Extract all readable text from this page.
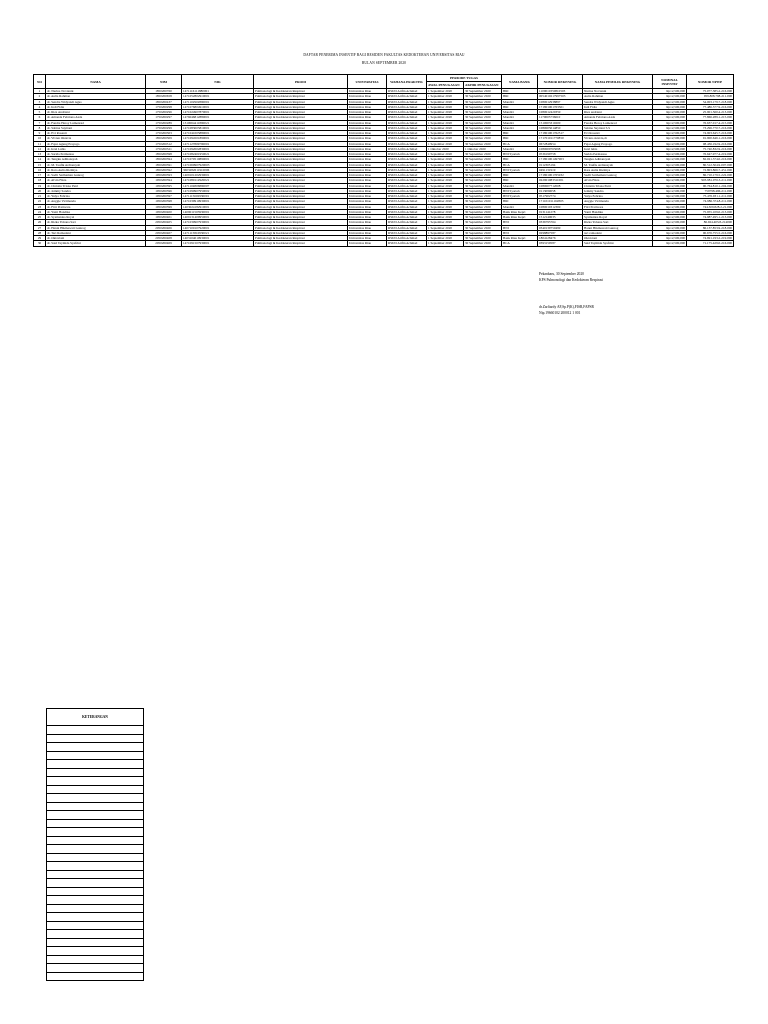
DAFTAR PENERIMA INSENTIF BAGI RESIDEN FAKULTAS KEDOKTERAN UNIVERSITAS RIAU
BULAN SEPTEMBER 2020
NO	NAMA	NIM	NIK	PRODI	UNIVERSITAS	WAHANA PRAKTEK	PERIODE TUGAS		NAMA BANK	NOMOR REKENING	NAMA PEMILIK REKENING	NOMINAL INSENTIF	NOMOR NPWP
							AWAL PENUGASAN	AKHIR PENUGASAN					
1	dr. Nurina Novianni	1850200760	1471116111880001	Pulmonologi & Kedokteran Respirasi	Universitas Riau	RSUD Arifin Achmad	1 September 2020	30 September 2020	BRI	1109010350810503	Nurina Novianni	Rp12,500,000	75.077.385.2-216.000
2	dr. Aulia Rahman	1850200658	1471052802910001	Pulmonologi & Kedokteran Respirasi	Universitas Riau	RSUD Arifin Achmad	1 September 2020	30 September 2020	BRI	0054010217997503	Aulia Rahman	Rp12,500,000	959.808.798-211.000
3	dr. Sendra Widyandi Agus	1850200437	1471102902890001	Pulmonologi & Kedokteran Respirasi	Universitas Riau	RSUD Arifin Achmad	1 September 2020	30 September 2020	Mandiri	1080012938897	Sendra Widyandi Agus	Rp12,500,000	54.003.179.7-218.000
4	dr. Indi Fidia	1750200298	1471076804910001	Pulmonologi & Kedokteran Respirasi	Universitas Riau	RSUD Arifin Achmad	1 September 2020	30 September 2020	BRI	171801001763501	Indi Fidia	Rp12,500,000	77.486.377.9-216.000
5	dr. Riza Andriani	1750200296	1471024907870001	Pulmonologi & Kedokteran Respirasi	Universitas Riau	RSUD Arifin Achmad	1 September 2020	30 September 2020	Mandiri	1080012420359	Riza andriani	Rp12,500,000	25.901.560.4-213.000
6	dr. Amanda Febriana Azda	1750200297	1476046812880001	Pulmonologi & Kedokteran Respirasi	Universitas Riau	RSUD Arifin Achmad	1 September 2020	30 September 2020	Mandiri	1170005736610	Amanda Febriana Azda	Rp12,500,000	77.866.289.1-215.000
7	dr. Fandra Heroy Lumenrad	1750200289	1310064411890021	Pulmonologi & Kedokteran Respirasi	Universitas Riau	RSUD Arifin Achmad	1 September 2020	30 September 2020	Mandiri	1510003310200	Fandra Heroy Lumenrad	Rp12,500,000	76.637.017.4-215.000
8	dr. Sabina Suyitani	1750200299	1471083005810001	Pulmonologi & Kedokteran Respirasi	Universitas Riau	RSUD Arifin Achmad	1 September 2020	30 September 2020	Mandiri	1080005014850	Sabina Suyitani S.S	Rp12,500,000	73.296.770.7-216.000
9	dr. Evi Rosanti	1750200303	1471041005880001	Pulmonologi & Kedokteran Respirasi	Universitas Riau	RSUD Arifin Achmad	1 September 2020	30 September 2020	BRI	171801001762517	Evi Rosanti	Rp12,500,000	74.903.645.7-216.000
10	dr. Vivien Oktavia	1850200309	1471094501890001	Pulmonologi & Kedokteran Respirasi	Universitas Riau	RSUD Arifin Achmad	1 September 2020	30 September 2020	BRI	171701011770850	Vivien oktavia,dr	Rp12,500,000	91.900.646.1-216.000
11	dr. Fajar Agung Prayogo	1750200312	1471127809790001	Pulmonologi & Kedokteran Respirasi	Universitas Riau	RSUD Arifin Achmad	1 September 2020	30 September 2020	BCA	0672849954	Fajar Agung Prayogo	Rp12,500,000	08.436.192.9-216.000
12	dr. Irzal Lubis	1750200321	1471092002830001	Pulmonologi & Kedokteran Respirasi	Universitas Riau	RSUD Arifin Achmad	1 Oktober 2020	1 Oktober 2020	Mandiri	1080009765098	Irzal lubis	Rp12,500,000	75.740.832.9-216.000
13	dr. Sarida Permatasa	1850200398	1471082401950021	Pulmonologi & Kedokteran Respirasi	Universitas Riau	RSUD Arifin Achmad	1 September 2020	30 September 2020	BNI Syariah	0536199758	Sarida Permatasa	Rp12,500,000	76.647.977.4-219.000
14	dr. Tengku Adhiansyah	1850200394	1471070510890001	Pulmonologi & Kedokteran Respirasi	Universitas Riau	RSUD Arifin Achmad	1 September 2020	30 September 2020	BRI	171801001497903	Tengku Adhiansyah	Rp12,500,000	82.021.374.0-216.000
15	dr. M. Taufik Ardiansyah	1850200391	1471060907920003	Pulmonologi & Kedokteran Respirasi	Universitas Riau	RSUD Arifin Achmad	1 September 2020	30 September 2020	BCA	0112305194	M. Taufik Ardiansyah	Rp12,500,000	80.512.504.9-007.000
16	dr. Rara Aulia Rizmiya	1850200392	3603282611910006	Pulmonologi & Kedokteran Respirasi	Universitas Riau	RSUD Arifin Achmad	1 September 2020	30 September 2020	BNI Syariah	0491131919	Rara Aulia Rizmiya	Rp12,500,000	72.803.866.7-451.000
17	dr. Sadli Sarihaman Gunrog	1950200393	1409101202930001	Pulmonologi & Kedokteran Respirasi	Universitas Riau	RSUD Arifin Achmad	1 September 2020	30 September 2020	BRI	171801001765932	Sadli Sarihaman Gunrog	Rp12,500,000	86.710.179.5-222.000
18	dr. Alvin Fikra	1950200394	1471080112920021	Pulmonologi & Kedokteran Respirasi	Universitas Riau	RSUD Arifin Achmad	1 September 2020	30 September 2020	BRI	022901083311001	Alvin Fikra	Rp12,500,000	903.981.076.3-211.000
19	dr. Christin Trisna Putri	1950200395	1471104806890007	Pulmonologi & Kedokteran Respirasi	Universitas Riau	RSUD Arifin Achmad	1 September 2020	30 September 2020	Mandiri	1080007712008	Christin Trisna Putri	Rp12,500,000	90.764.810.1-204.000
20	dr. Jemmy Sandra	1950200396	1471090907950002	Pulmonologi & Kedokteran Respirasi	Universitas Riau	RSUD Arifin Achmad	1 September 2020	30 September 2020	BNI Syariah	0113099658	Jemmy Sandra	Rp12,500,000	759798.496-211.000
21	dr. Yulya Febrina	1950200397	1471115602930001	Pulmonologi & Kedokteran Respirasi	Universitas Riau	RSUD Arifin Achmad	1 September 2020	30 September 2020	BNI Syariah	0517902774	Yulya Febrina	Rp12,500,000	75.476.931.1-211.000
22	dr. Anggie Vicimanda	1950200398	1471039910930001	Pulmonologi & Kedokteran Respirasi	Universitas Riau	RSUD Arifin Achmad	1 September 2020	30 September 2020	BRI	171101011162803	Anggie Vicimanda	Rp12,500,000	74.986.374.8-211.000
23	dr. Fitri Pratiwara	1950200399	1403024182910001	Pulmonologi & Kedokteran Respirasi	Universitas Riau	RSUD Arifin Achmad	1 September 2020	30 September 2020	Mandiri	1080010312369	Fitri Pratiwara	Rp12,500,000	744.309.828.2-21.000
24	dr. Yanti Handika	1950200400	1409011503930001	Pulmonologi & Kedokteran Respirasi	Universitas Riau	RSUD Arifin Achmad	1 September 2020	30 September 2020	Bank Riau Kepri	0131141278	Yanti Handika	Rp12,500,000	75.955.109.0-213.000
25	dr. Syamsidea Royal	1950200401	1409131409950001	Pulmonologi & Kedokteran Respirasi	Universitas Riau	RSUD Arifin Achmad	1 September 2020	30 September 2020	Bank Riau Kepri	1512140635	Syamsidea Royal	Rp12,500,000	74.987.495.1-213.000
26	dr. Rizka Yohana Sari	2050200405	1471030907930001	Pulmonologi & Kedokteran Respirasi	Universitas Riau	RSUD Arifin Achmad	1 September 2020	30 September 2020	BNI	0336795764	Rizka Yohana Sari	Rp12,500,000	86.924.403.8-214000
27	dr. Hanni Hikmawati Gunrog	2050200406	1407100107920001	Pulmonologi & Kedokteran Respirasi	Universitas Riau	RSUD Arifin Achmad	1 September 2020	30 September 2020	BNI	0340139750499	Hanni Hikmawati Gunrog	Rp12,500,000	86.137.853.9-218.000
28	dr. Tari Ramadani	2050200407	1471115810930021	Pulmonologi & Kedokteran Respirasi	Universitas Riau	RSUD Arifin Achmad	1 September 2020	30 September 2020	BNI	0298897587	tari ramadani	Rp12,500,000	90.676.755.5-216.000
29	dr. Oktaviani	2050200408	1403104010930001	Pulmonologi & Kedokteran Respirasi	Universitas Riau	RSUD Arifin Achmad	1 September 2020	30 September 2020	Bank Riau Kepri	1804128476	Oktaviani	Rp12,500,000	74.691.193.2-219.000
30	dr. Said Taymida Syafrini	2050200409	1471091507930001	Pulmonologi & Kedokteran Respirasi	Universitas Riau	RSUD Arifin Achmad	1 September 2020	30 September 2020	BCA	0393159587	Said Taymida Syafrini	Rp12,500,000	71.175.429.0-216.000
Pekanbaru, 30 September 2020
KPS Pulmonologi dan Kedokteran Respirasi
dr.Zarfiardy AF,Sp.P(K),FISR,FAPSR
Nip.19660102 200012 1 001
KETERANGAN
